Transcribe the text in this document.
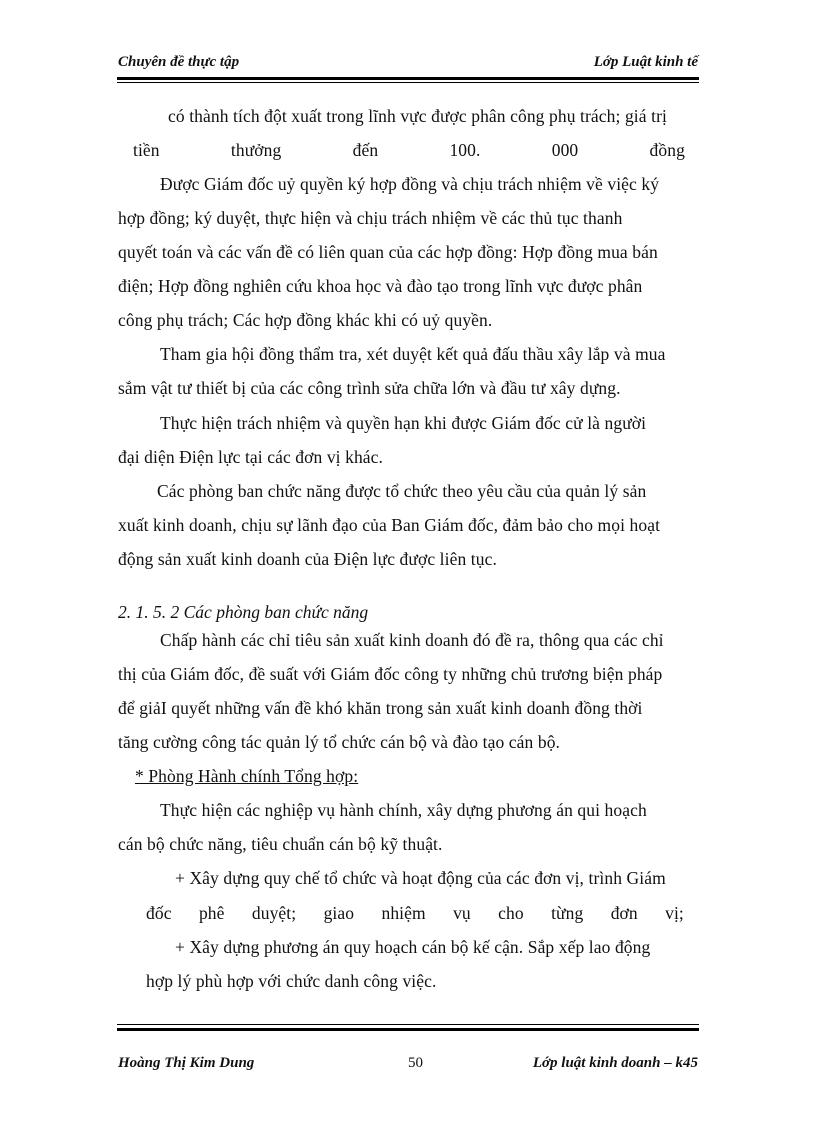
Chuyên đề thực tập	Lớp Luật kinh tế
có thành tích đột xuất trong lĩnh vực được phân công phụ trách; giá trị
tiền	thưởng	đến	100.	000	đồng
Được Giám đốc uỷ quyền ký hợp đồng và chịu trách nhiệm về việc ký
hợp đồng; ký duyệt, thực hiện và chịu trách nhiệm về các thủ tục thanh
quyết toán và các vấn đề có liên quan của các hợp đồng: Hợp đồng mua bán
điện; Hợp đồng nghiên cứu khoa học và đào tạo trong lĩnh vực được phân
công phụ trách; Các hợp đồng khác khi có uỷ quyền.
Tham gia hội đồng thẩm tra, xét duyệt kết quả đấu thầu xây lắp và mua
sắm vật tư thiết bị của các công trình sửa chữa lớn và đầu tư xây dựng.
Thực hiện trách nhiệm và quyền hạn khi được Giám đốc cử là người
đại diện Điện lực tại các đơn vị khác.
Các phòng ban chức năng được tổ chức theo yêu cầu của quản lý sản
xuất kinh doanh, chịu sự lãnh đạo của Ban Giám đốc, đảm bảo cho mọi hoạt
động sản xuất kinh doanh của Điện lực được liên tục.
2. 1. 5. 2 Các phòng ban chức năng
Chấp hành các chỉ tiêu sản xuất kinh doanh đó đề ra, thông qua các chỉ
thị của Giám đốc, đề suất với Giám đốc công ty những chủ trương biện pháp
để giảI quyết những vấn đề khó khăn trong sản xuất kinh doanh đồng thời
tăng cường công tác quản lý tổ chức cán bộ và đào tạo cán bộ.
* Phòng Hành chính Tổng hợp:
Thực hiện các nghiệp vụ hành chính, xây dựng phương án qui hoạch
cán bộ chức năng, tiêu chuẩn cán bộ kỹ thuật.
+ Xây dựng quy chế tổ chức và hoạt động của các đơn vị, trình Giám
đốc phê duyệt; giao nhiệm vụ cho từng đơn vị;
+ Xây dựng phương án quy hoạch cán bộ kế cận. Sắp xếp lao động
hợp lý phù hợp với chức danh công việc.
Hoàng Thị Kim Dung	50	Lớp luật kinh doanh – k45
